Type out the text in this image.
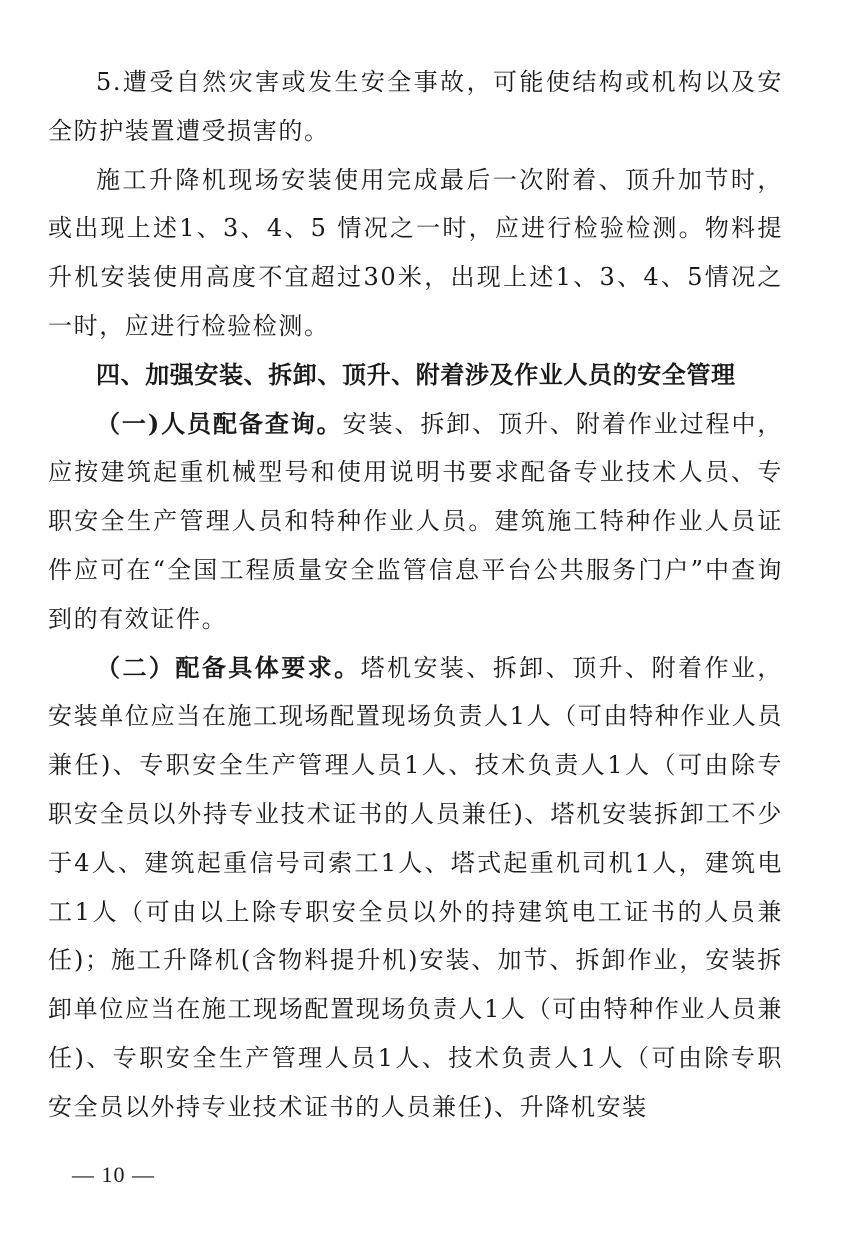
5.遭受自然灾害或发生安全事故，可能使结构或机构以及安全防护装置遭受损害的。

施工升降机现场安装使用完成最后一次附着、顶升加节时，或出现上述1、3、4、5 情况之一时，应进行检验检测。物料提升机安装使用高度不宜超过30米，出现上述1、3、4、5情况之一时，应进行检验检测。

四、加强安装、拆卸、顶升、附着涉及作业人员的安全管理

（一)人员配备查询。安装、拆卸、顶升、附着作业过程中，应按建筑起重机械型号和使用说明书要求配备专业技术人员、专职安全生产管理人员和特种作业人员。建筑施工特种作业人员证件应可在“全国工程质量安全监管信息平台公共服务门户”中查询到的有效证件。

（二）配备具体要求。塔机安装、拆卸、顶升、附着作业，安装单位应当在施工现场配置现场负责人1人（可由特种作业人员兼任)、专职安全生产管理人员1人、技术负责人1人（可由除专职安全员以外持专业技术证书的人员兼任)、塔机安装拆卸工不少于4人、建筑起重信号司索工1人、塔式起重机司机1人，建筑电工1人（可由以上除专职安全员以外的持建筑电工证书的人员兼任)；施工升降机(含物料提升机)安装、加节、拆卸作业，安装拆卸单位应当在施工现场配置现场负责人1人（可由特种作业人员兼任)、专职安全生产管理人员1人、技术负责人1人（可由除专职安全员以外持专业技术证书的人员兼任)、升降机安装

— 10 —
